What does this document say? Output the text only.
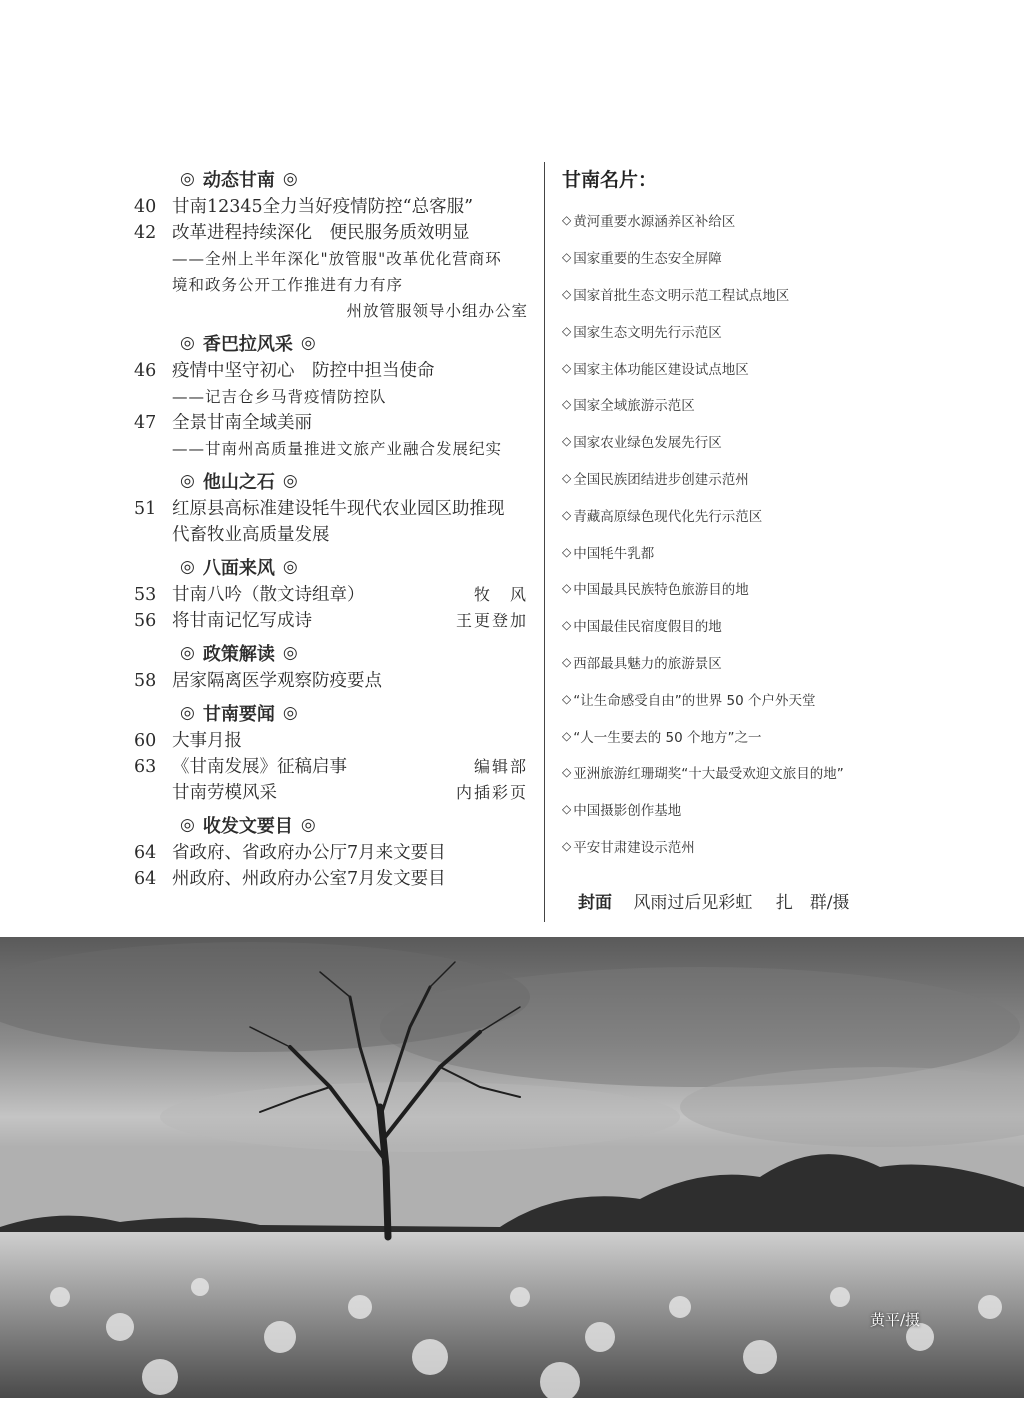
◎ 动态甘南 ◎
40 甘南12345全力当好疫情防控“总客服”
42 改革进程持续深化　便民服务质效明显
——全州上半年深化"放管服"改革优化营商环
境和政务公开工作推进有力有序
州放管服领导小组办公室
◎ 香巴拉风采 ◎
46 疫情中坚守初心　防控中担当使命
——记吉仓乡马背疫情防控队
47 全景甘南全域美丽
——甘南州高质量推进文旅产业融合发展纪实
◎ 他山之石 ◎
51 红原县高标准建设牦牛现代农业园区助推现
代畜牧业高质量发展
◎ 八面来风 ◎
53 甘南八吟（散文诗组章）	牧　风
56 将甘南记忆写成诗	王更登加
◎ 政策解读 ◎
58 居家隔离医学观察防疫要点
◎ 甘南要闻 ◎
60 大事月报
63 《甘南发展》征稿启事	编辑部
甘南劳模风采	内插彩页
◎ 收发文要目 ◎
64 省政府、省政府办公厅7月来文要目
64 州政府、州政府办公室7月发文要目
甘南名片：
◇ 黄河重要水源涵养区补给区
◇ 国家重要的生态安全屏障
◇ 国家首批生态文明示范工程试点地区
◇ 国家生态文明先行示范区
◇ 国家主体功能区建设试点地区
◇ 国家全域旅游示范区
◇ 国家农业绿色发展先行区
◇ 全国民族团结进步创建示范州
◇ 青藏高原绿色现代化先行示范区
◇ 中国牦牛乳都
◇ 中国最具民族特色旅游目的地
◇ 中国最佳民宿度假目的地
◇ 西部最具魅力的旅游景区
◇ “让生命感受自由”的世界 50 个户外天堂
◇ “人一生要去的 50 个地方”之一
◇ 亚洲旅游红珊瑚奖“十大最受欢迎文旅目的地”
◇ 中国摄影创作基地
◇ 平安甘肃建设示范州
封面 风雨过后见彩虹 扎　群/摄
黄平/摄
